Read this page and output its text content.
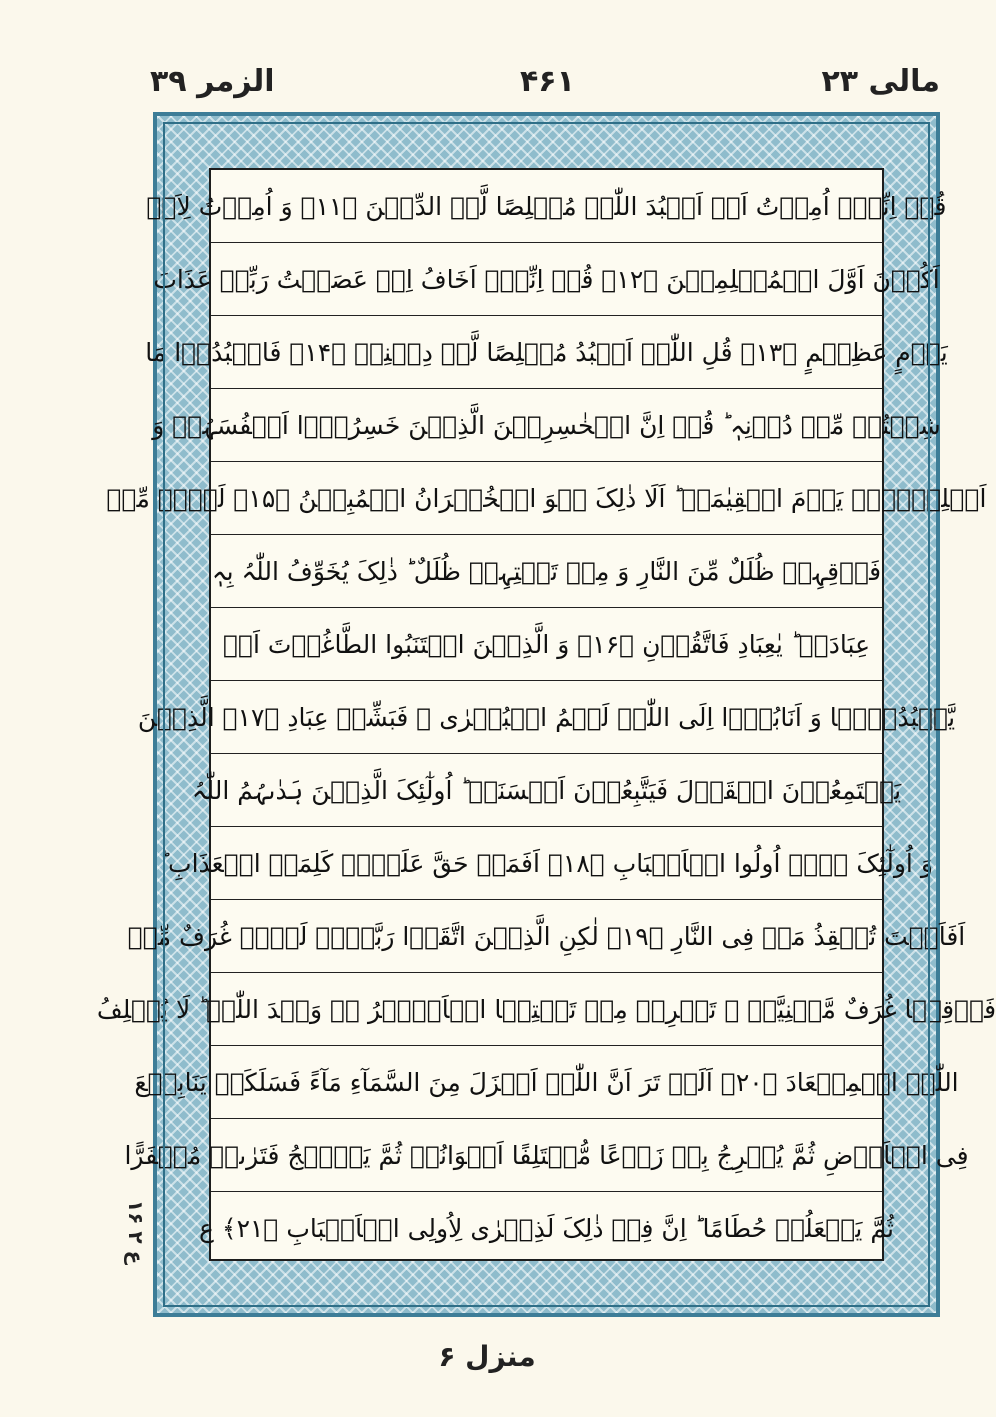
الزمر ۳۹	۴۶۱	مالی ۲۳
قُلۡ اِنِّیۡۤ اُمِرۡتُ اَنۡ اَعۡبُدَ اللّٰہَ مُخۡلِصًا لَّہُ الدِّیۡنَ ﴿۱۱﴾ وَ اُمِرۡتُ لِاَنۡ
اَکُوۡنَ اَوَّلَ الۡمُسۡلِمِیۡنَ ﴿۱۲﴾ قُلۡ اِنِّیۡۤ اَخَافُ اِنۡ عَصَیۡتُ رَبِّیۡ عَذَابَ
یَوۡمٍ عَظِیۡمٍ ﴿۱۳﴾ قُلِ اللّٰہَ اَعۡبُدُ مُخۡلِصًا لَّہٗ دِیۡنِیۡ ﴿۱۴﴾ فَاعۡبُدُوۡا مَا
شِئۡتُمۡ مِّنۡ دُوۡنِہٖ ؕ قُلۡ اِنَّ الۡخٰسِرِیۡنَ الَّذِیۡنَ خَسِرُوۡۤا اَنۡفُسَہُمۡ وَ
اَہۡلِیۡہِمۡ یَوۡمَ الۡقِیٰمَۃِ ؕ اَلَا ذٰلِکَ ہُوَ الۡخُسۡرَانُ الۡمُبِیۡنُ ﴿۱۵﴾ لَہُمۡ مِّنۡ
فَوۡقِہِمۡ ظُلَلٌ مِّنَ النَّارِ وَ مِنۡ تَحۡتِہِمۡ ظُلَلٌ ؕ ذٰلِکَ یُخَوِّفُ اللّٰہُ بِہٖ
عِبَادَہٗ ؕ یٰعِبَادِ فَاتَّقُوۡنِ ﴿۱۶﴾ وَ الَّذِیۡنَ اجۡتَنَبُوا الطَّاغُوۡتَ اَنۡ
یَّعۡبُدُوۡہَا وَ اَنَابُوۡۤا اِلَی اللّٰہِ لَہُمُ الۡبُشۡرٰی ۚ فَبَشِّرۡ عِبَادِ ﴿۱۷﴾ الَّذِیۡنَ
یَسۡتَمِعُوۡنَ الۡقَوۡلَ فَیَتَّبِعُوۡنَ اَحۡسَنَہٗ ؕ اُولٰٓئِکَ الَّذِیۡنَ ہَدٰىہُمُ اللّٰہُ
وَ اُولٰٓئِکَ ہُمۡ اُولُوا الۡاَلۡبَابِ ﴿۱۸﴾ اَفَمَنۡ حَقَّ عَلَیۡہِ کَلِمَۃُ الۡعَذَابِ ؕ
اَفَاَنۡتَ تُنۡقِذُ مَنۡ فِی النَّارِ ﴿۱۹﴾ لٰکِنِ الَّذِیۡنَ اتَّقَوۡا رَبَّہُمۡ لَہُمۡ غُرَفٌ مِّنۡ
فَوۡقِہَا غُرَفٌ مَّبۡنِیَّۃٌ ۙ تَجۡرِیۡ مِنۡ تَحۡتِہَا الۡاَنۡہٰرُ ۬ؕ وَعۡدَ اللّٰہِ ؕ لَا یُخۡلِفُ
اللّٰہُ الۡمِیۡعَادَ ﴿۲۰﴾ اَلَمۡ تَرَ اَنَّ اللّٰہَ اَنۡزَلَ مِنَ السَّمَآءِ مَآءً فَسَلَکَہٗ یَنَابِیۡعَ
فِی الۡاَرۡضِ ثُمَّ یُخۡرِجُ بِہٖ زَرۡعًا مُّخۡتَلِفًا اَلۡوَانُہٗ ثُمَّ یَہِیۡجُ فَتَرٰىہُ مُصۡفَرًّا
ثُمَّ یَجۡعَلُہٗ حُطَامًا ؕ اِنَّ فِیۡ ذٰلِکَ لَذِکۡرٰی لِاُولِی الۡاَلۡبَابِ ﴿۲۱﴾ ع
ع ۲ ۱۶
منزل ۶
